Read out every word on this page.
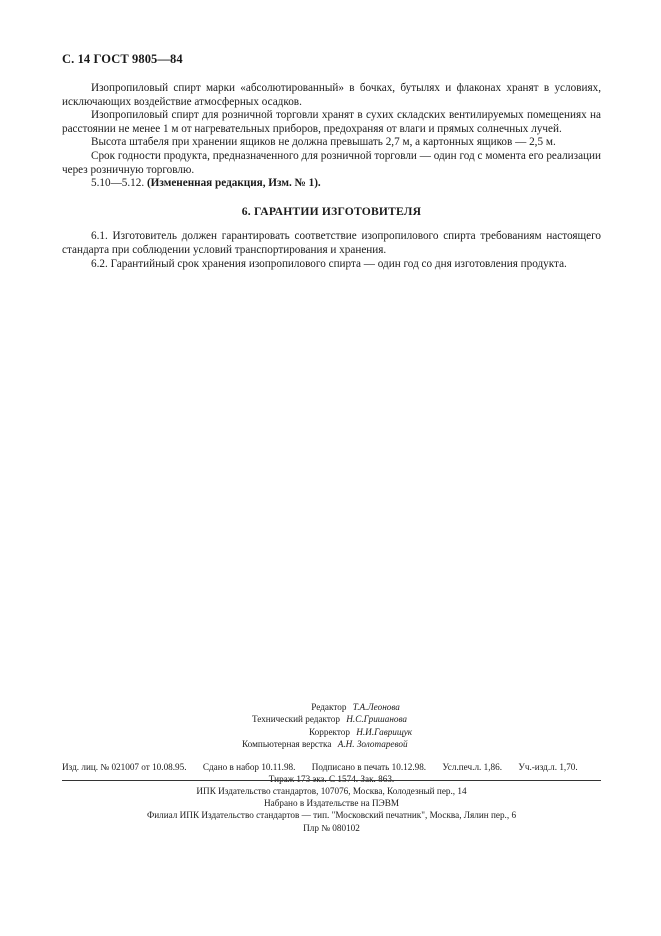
С. 14 ГОСТ 9805—84

Изопропиловый спирт марки «абсолютированный» в бочках, бутылях и флаконах хранят в условиях, исключающих воздействие атмосферных осадков.

Изопропиловый спирт для розничной торговли хранят в сухих складских вентилируемых помещениях на расстоянии не менее 1 м от нагревательных приборов, предохраняя от влаги и прямых солнечных лучей.

Высота штабеля при хранении ящиков не должна превышать 2,7 м, а картонных ящиков — 2,5 м.

Срок годности продукта, предназначенного для розничной торговли — один год с момента его реализации через розничную торговлю.

5.10—5.12. (Измененная редакция, Изм. № 1).

6. ГАРАНТИИ ИЗГОТОВИТЕЛЯ

6.1. Изготовитель должен гарантировать соответствие изопропилового спирта требованиям настоящего стандарта при соблюдении условий транспортирования и хранения.

6.2. Гарантийный срок хранения изопропилового спирта — один год со дня изготовления продукта.

Редактор Т.А.Леонова
Технический редактор Н.С.Гришанова
Корректор Н.И.Гаврищук
Компьютерная верстка А.Н. Золотаревой
Изд. лиц. № 021007 от 10.08.95. Сдано в набор 10.11.98. Подписано в печать 10.12.98. Усл.печ.л. 1,86. Уч.-изд.л. 1,70.
ИПК Издательство стандартов, 107076, Москва, Колодезный пер., 14
Набрано в Издательстве на ПЭВМ
Филиал ИПК Издательство стандартов — тип. "Московский печатник", Москва, Лялин пер., 6
Плр № 080102
